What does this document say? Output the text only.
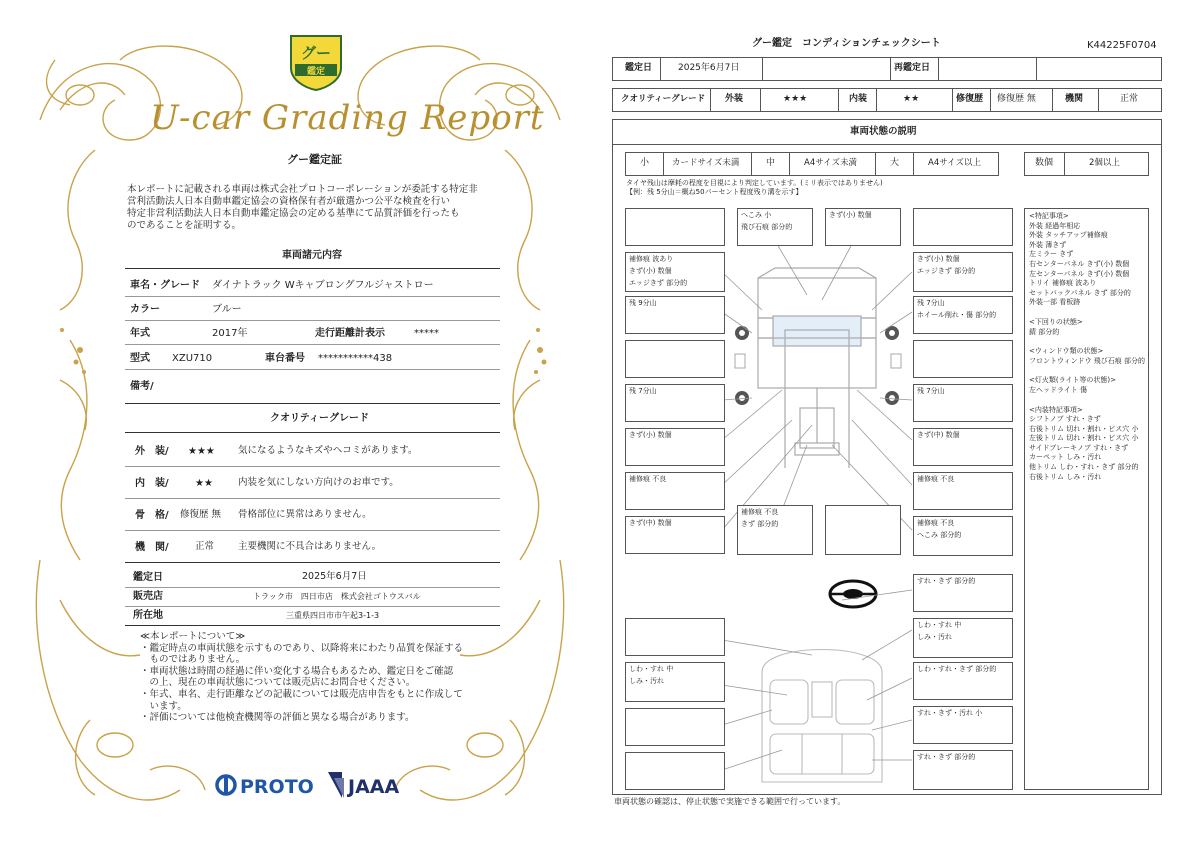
グー
鑑定
U-car Grading Report
グー鑑定証
本レポートに記載される車両は株式会社プロトコーポレーションが委託する特定非
営利活動法人日本自動車鑑定協会の資格保有者が厳選かつ公平な検査を行い
特定非営利活動法人日本自動車鑑定協会の定める基準にて品質評価を行ったも
のであることを証明する。
車両諸元内容
車名・グレード ダイナトラック Wキャブロングフルジャストロー
カラー	ブルー
年式	2017年	走行距離計表示	*****
型式 XZU710	車台番号 ***********438
備考/
クオリティーグレード
外　装/ ★★★ 気になるようなキズやヘコミがあります。
内　装/	★★	内装を気にしない方向けのお車です。
骨　格/ 修復歴 無 骨格部位に異常はありません。
機　関/	正常	主要機関に不具合はありません。
鑑定日	2025年6月7日
販売店	トラック市　四日市店　株式会社ゴトウスバル
所在地	三重県四日市市午起3-1-3
≪本レポートについて≫
・鑑定時点の車両状態を示すものであり、以降将来にわたり品質を保証する
　ものではありません。
・車両状態は時間の経過に伴い変化する場合もあるため、鑑定日をご確認
　の上、現在の車両状態については販売店にお問合せください。
・年式、車名、走行距離などの記載については販売店申告をもとに作成して
　います。
・評価については他検査機関等の評価と異なる場合があります。
PROTO JAAA
グー鑑定　コンディションチェックシート	K44225F0704
鑑定日	2025年6月7日	再鑑定日
クオリティーグレード 外装	★★★	内装	★★	修復歴 修復歴 無	機関	正常
車両状態の説明
小	カードサイズ未満	中	A4サイズ未満	大	A4サイズ以上	数個	2個以上
タイヤ残山は摩耗の程度を目視により判定しています。(ミリ表示ではありません)
【例：残 5分山＝概ね50パーセント程度残り溝を示す】
補修痕 波あり
きず(小) 数個
エッジきず 部分的
残 9分山
残 7分山
きず(小) 数個
補修痕 不良
きず(中) 数個
しわ・すれ 中
しみ・汚れ
へこみ 小
飛び石痕 部分的
きず(小) 数個
補修痕 不良
きず 部分的
きず(小) 数個
エッジきず 部分的
残 7分山
ホイール削れ・傷 部分的
残 7分山
きず(中) 数個
補修痕 不良
補修痕 不良
へこみ 部分的
すれ・きず 部分的
しわ・すれ 中
しみ・汚れ
しわ・すれ・きず 部分的
すれ・きず・汚れ 小
すれ・きず 部分的
<特記事項>
外装 経過年相応
外装 タッチアップ補修痕
外装 薄きず
左ミラー きず
右センターパネル きず(小) 数個
左センターパネル きず(小) 数個
トリイ 補修痕 波あり
セットバックパネル きず 部分的
外装一部 看板跡
<下回りの状態>
錆 部分的
<ウィンドウ類の状態>
フロントウィンドウ 飛び石痕 部分的
<灯火類(ライト等の状態)>
左ヘッドライト 傷
<内装特記事項>
シフトノブ すれ・きず
右後トリム 切れ・割れ・ビス穴 小
左後トリム 切れ・割れ・ビス穴 小
サイドブレーキノブ すれ・きず
カーペット しみ・汚れ
他トリム しわ・すれ・きず 部分的
右後トリム しみ・汚れ
車両状態の確認は、停止状態で実施できる範囲で行っています。
